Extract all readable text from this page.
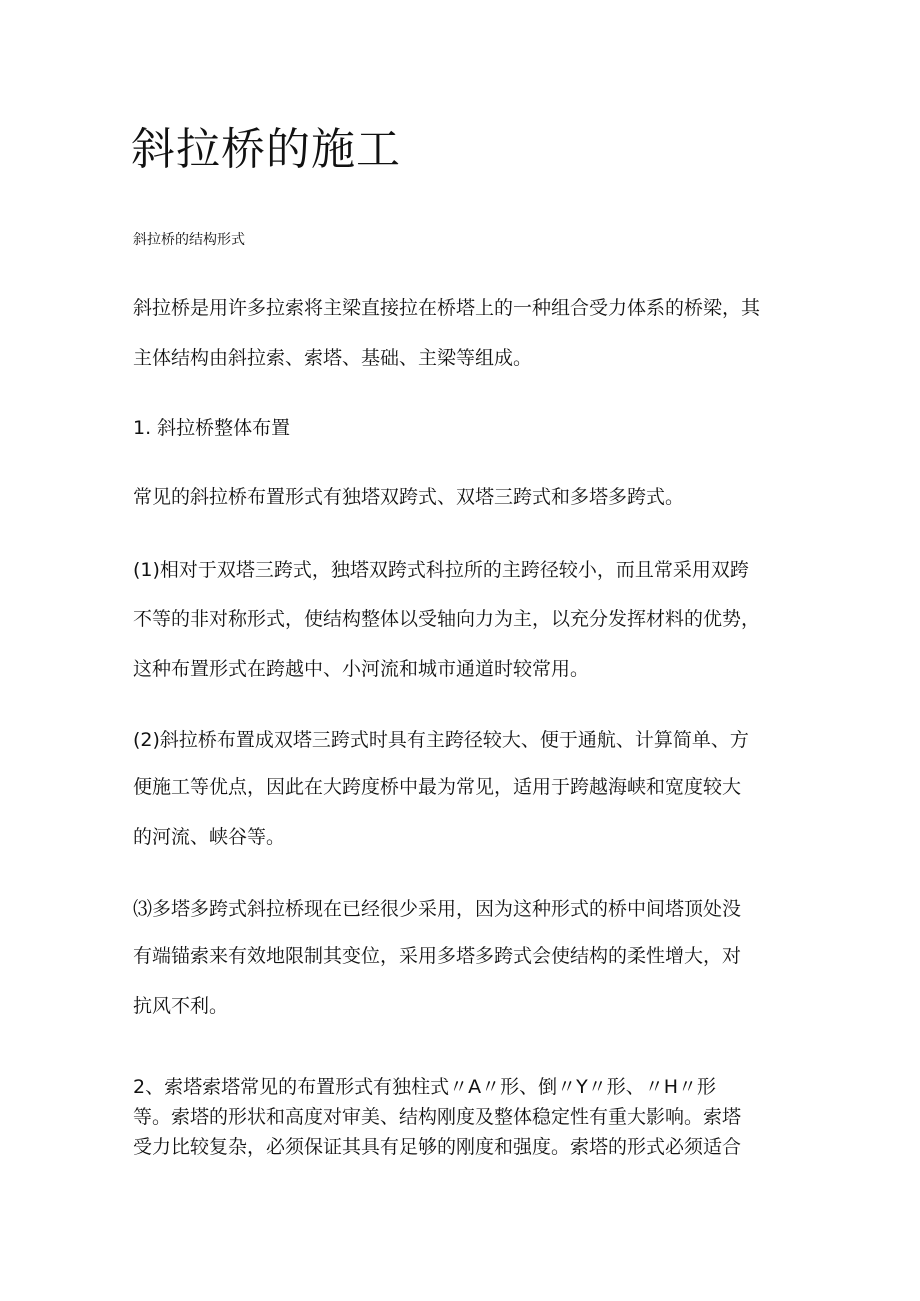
斜拉桥的施工
斜拉桥的结构形式

斜拉桥是用许多拉索将主梁直接拉在桥塔上的一种组合受力体系的桥梁，其

主体结构由斜拉索、索塔、基础、主梁等组成。

1. 斜拉桥整体布置

常见的斜拉桥布置形式有独塔双跨式、双塔三跨式和多塔多跨式。

(1)相对于双塔三跨式，独塔双跨式科拉所的主跨径较小，而且常采用双跨

不等的非对称形式，使结构整体以受轴向力为主，以充分发挥材料的优势，

这种布置形式在跨越中、小河流和城市通道时较常用。

(2)斜拉桥布置成双塔三跨式时具有主跨径较大、便于通航、计算简单、方

便施工等优点，因此在大跨度桥中最为常见，适用于跨越海峡和宽度较大

的河流、峡谷等。

⑶多塔多跨式斜拉桥现在已经很少采用，因为这种形式的桥中间塔顶处没

有端锚索来有效地限制其变位，采用多塔多跨式会使结构的柔性增大，对

抗风不利。

2、索塔索塔常见的布置形式有独柱式〃A〃形、倒〃Y〃形、〃H〃形

等。索塔的形状和高度对审美、结构刚度及整体稳定性有重大影响。索塔

受力比较复杂，必须保证其具有足够的刚度和强度。索塔的形式必须适合
